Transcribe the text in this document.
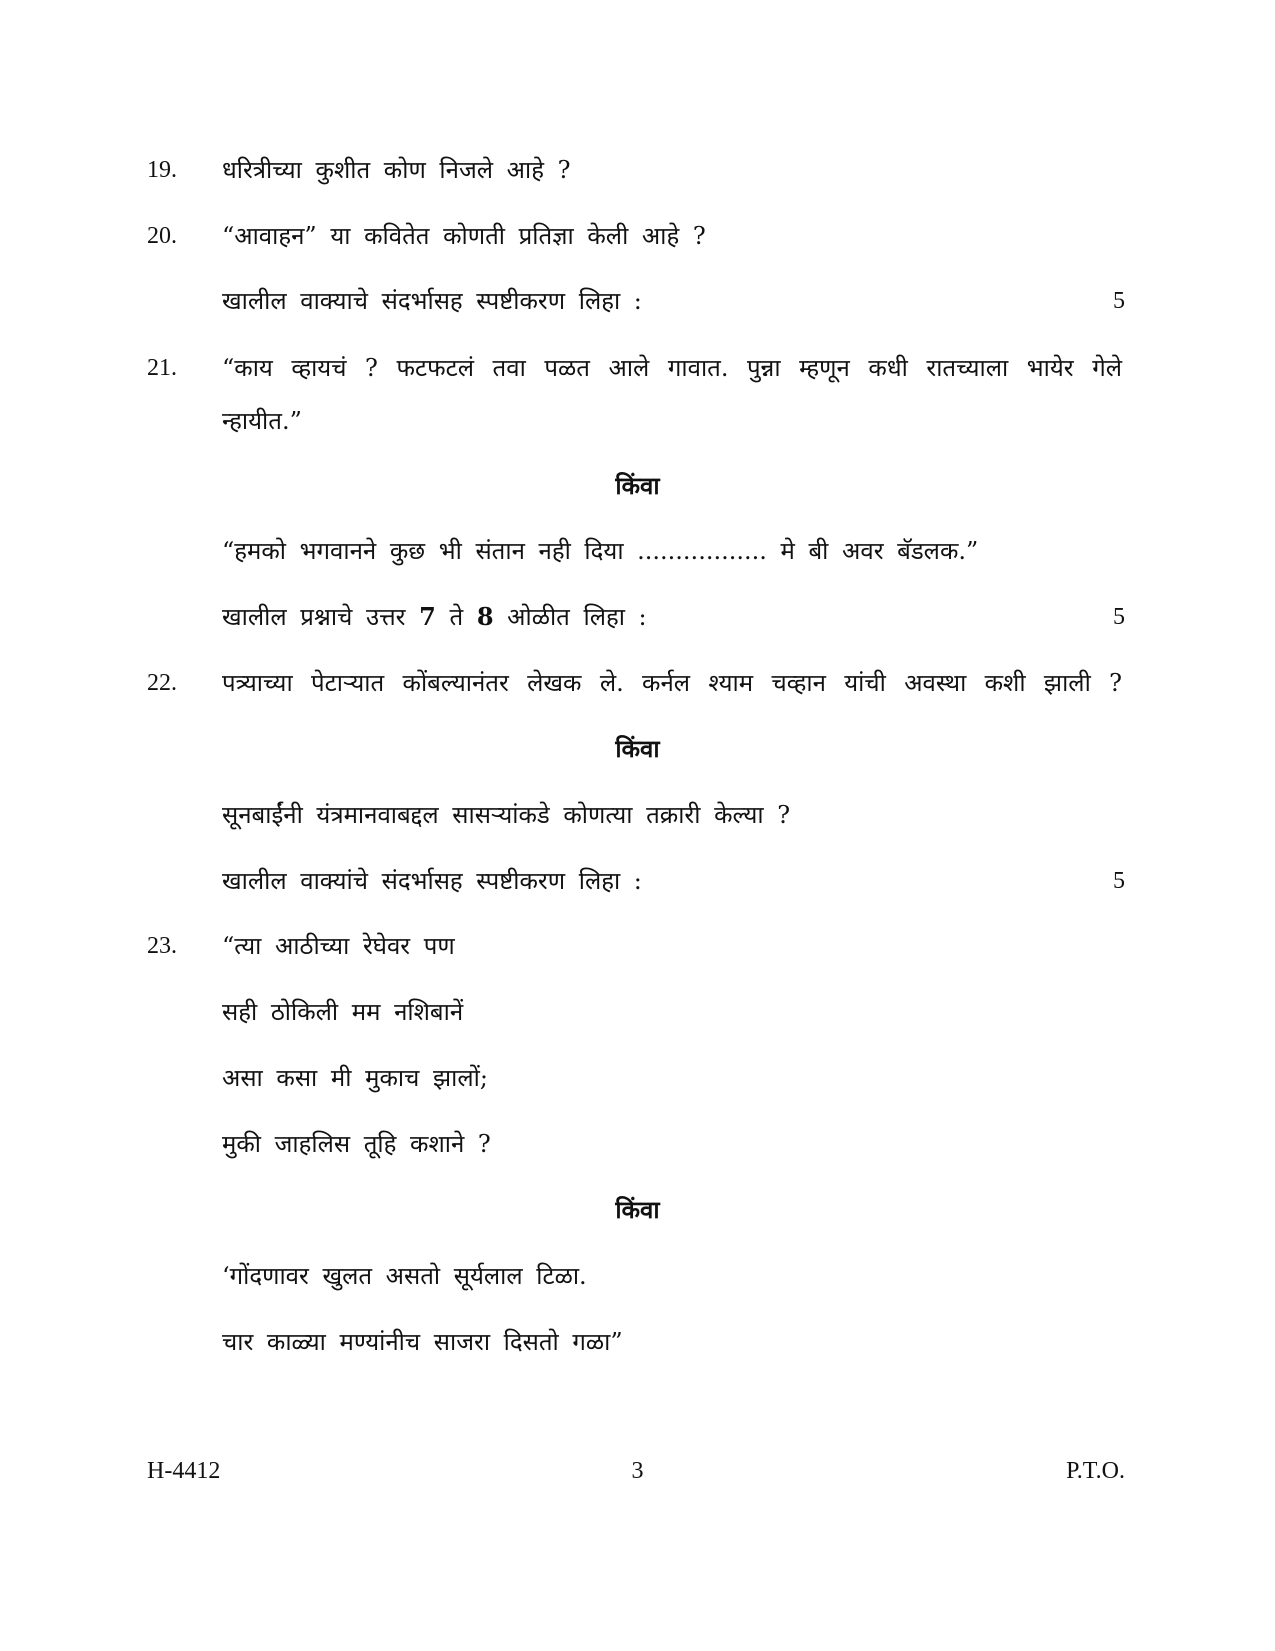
19. धरित्रीच्या कुशीत कोण निजले आहे ?
20. “आवाहन” या कवितेत कोणती प्रतिज्ञा केली आहे ?
खालील वाक्याचे संदर्भासह स्पष्टीकरण लिहा :	5
21. “काय व्हायचं ? फटफटलं तवा पळत आले गावात. पुन्ना म्हणून कधी रातच्याला भायेर गेले
न्हायीत.”
किंवा
“हमको भगवानने कुछ भी संतान नही दिया ................. मे बी अवर बॅडलक.”
खालील प्रश्नाचे उत्तर 7 ते 8 ओळीत लिहा :	5
22. पत्र्याच्या पेटाऱ्यात कोंबल्यानंतर लेखक ले. कर्नल श्याम चव्हान यांची अवस्था कशी झाली ?
किंवा
सूनबाईंनी यंत्रमानवाबद्दल सासऱ्यांकडे कोणत्या तक्रारी केल्या ?
खालील वाक्यांचे संदर्भासह स्पष्टीकरण लिहा :	5
23. “त्या आठीच्या रेघेवर पण
सही ठोकिली मम नशिबानें
असा कसा मी मुकाच झालों;
मुकी जाहलिस तूहि कशाने ?
किंवा
‘गोंदणावर खुलत असतो सूर्यलाल टिळा.
चार काळ्या मण्यांनीच साजरा दिसतो गळा”
H-4412	3	P.T.O.
